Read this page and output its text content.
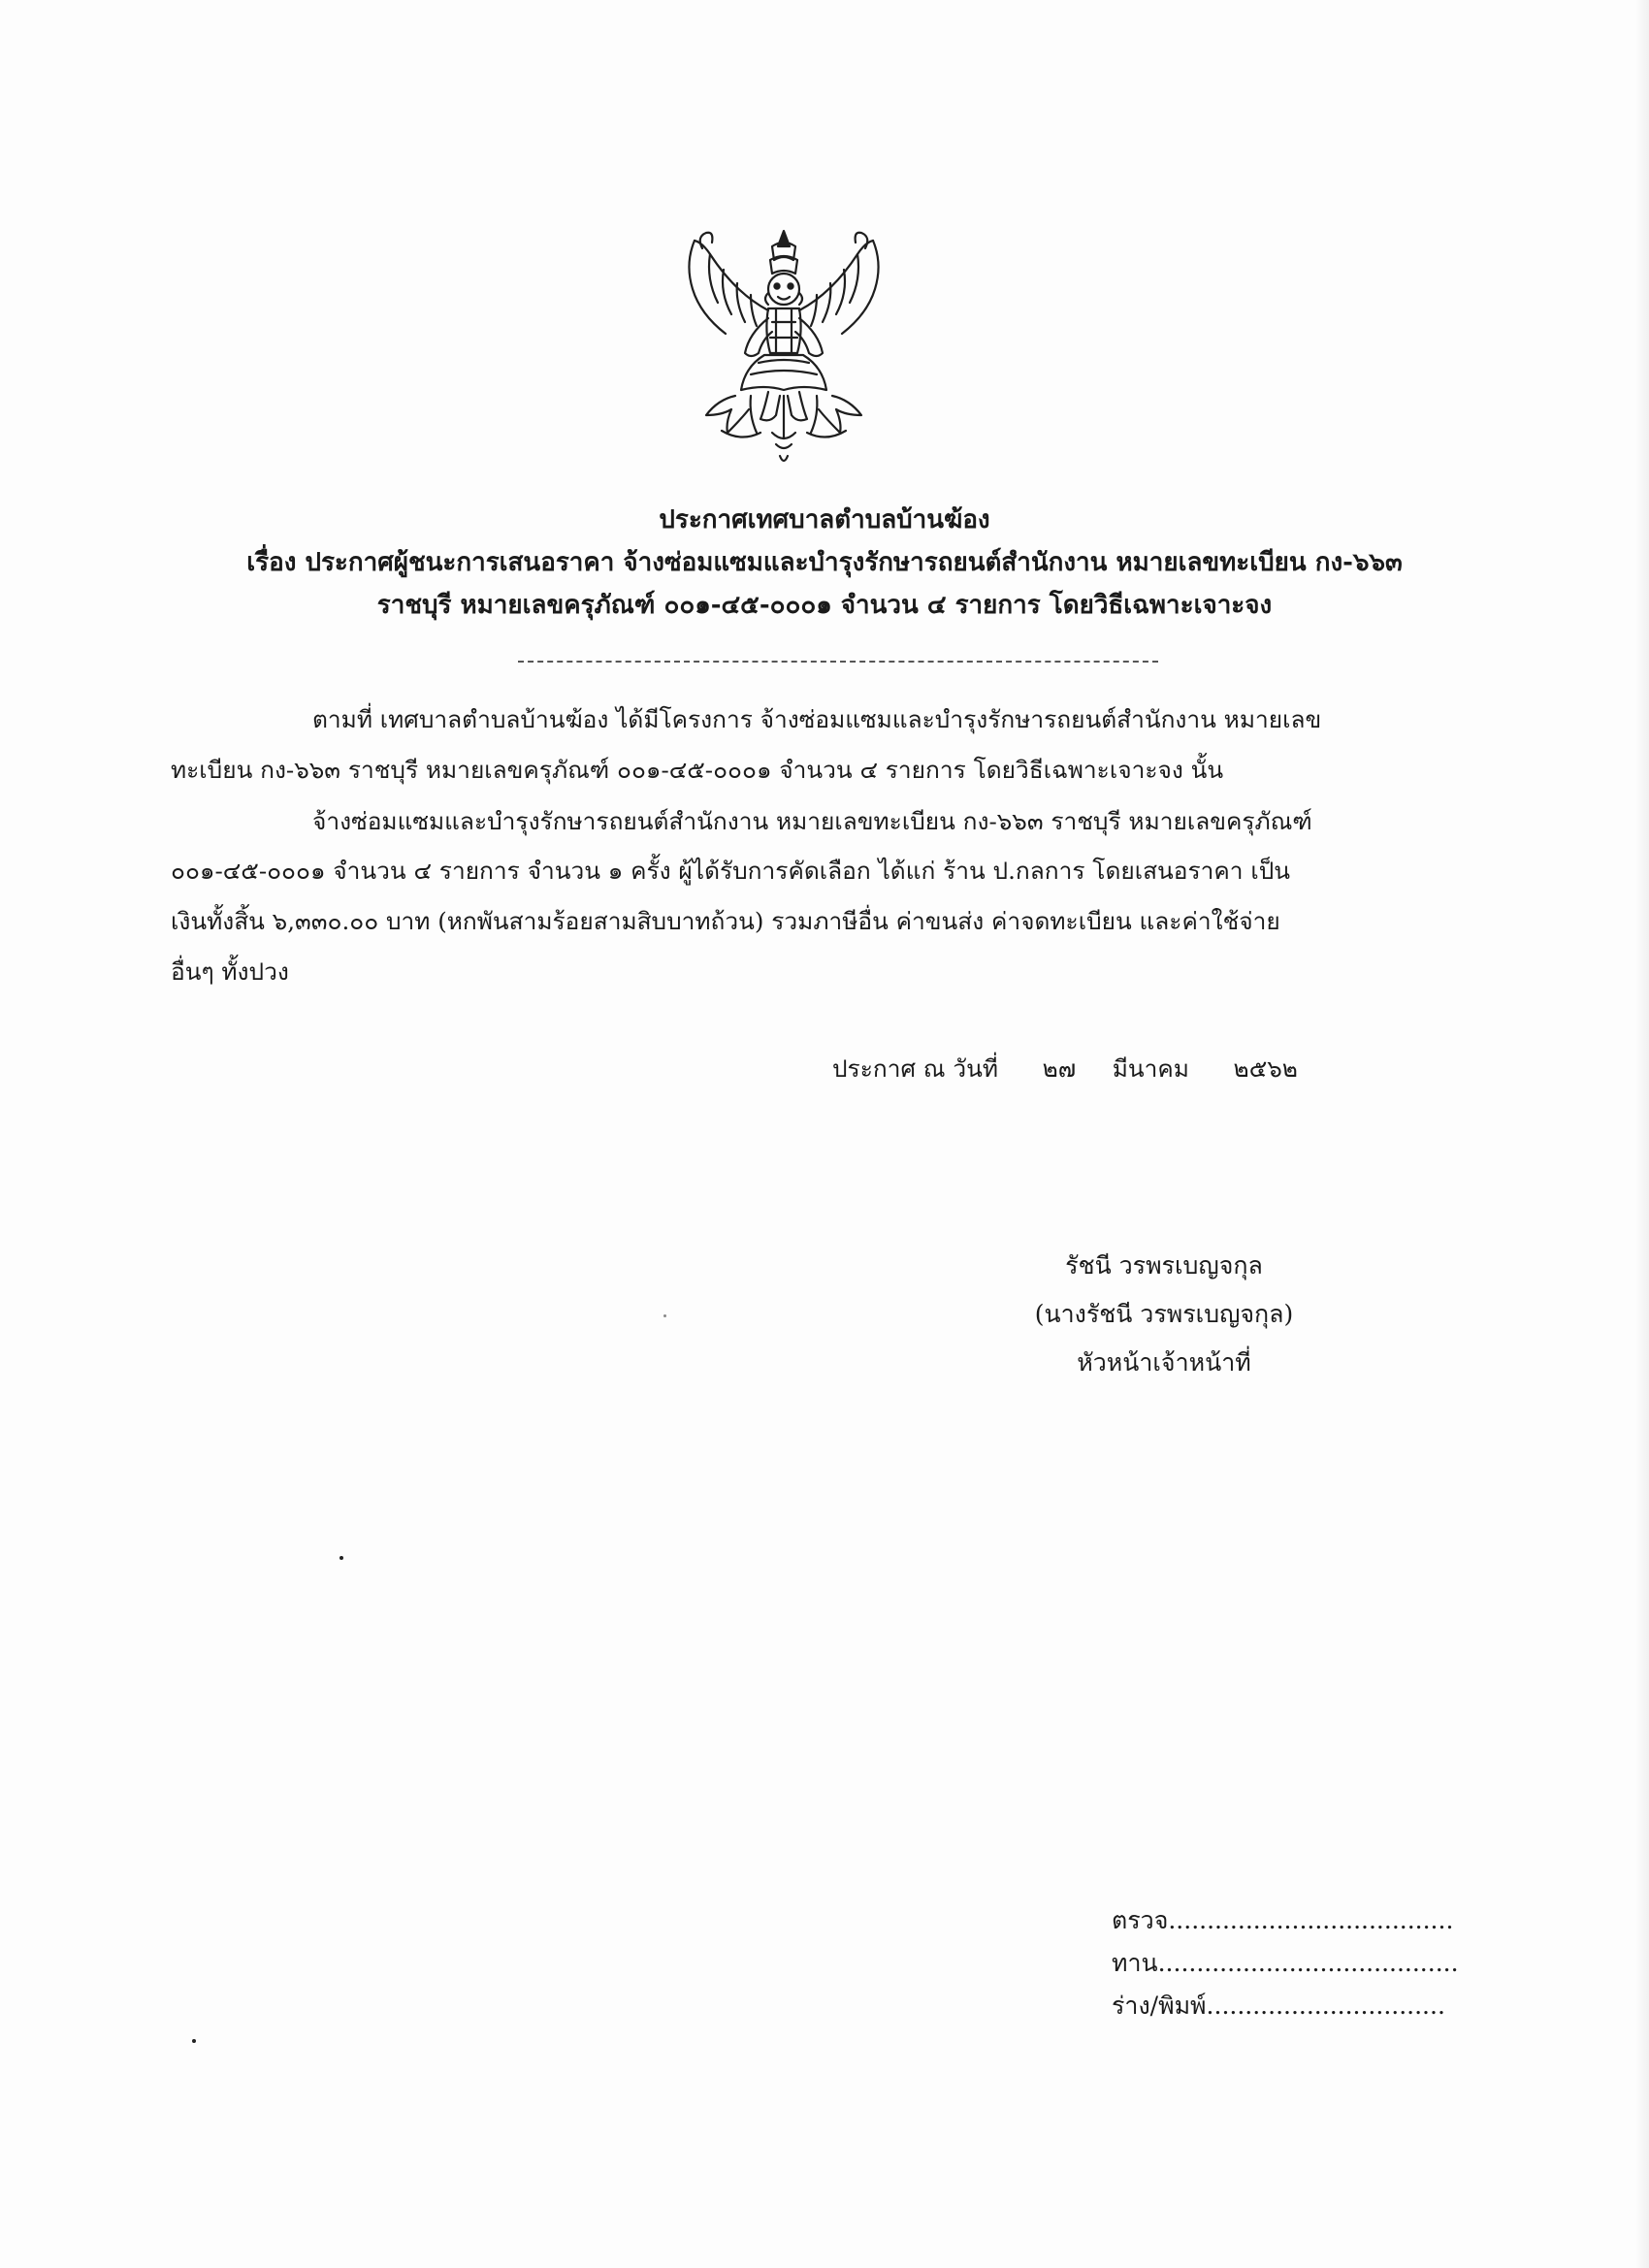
ประกาศเทศบาลตำบลบ้านฆ้อง
เรื่อง ประกาศผู้ชนะการเสนอราคา จ้างซ่อมแซมและบำรุงรักษารถยนต์สำนักงาน หมายเลขทะเบียน กง-๖๖๓
ราชบุรี หมายเลขครุภัณฑ์ ๐๐๑-๔๕-๐๐๐๑ จำนวน ๔ รายการ โดยวิธีเฉพาะเจาะจง
ตามที่ เทศบาลตำบลบ้านฆ้อง ได้มีโครงการ จ้างซ่อมแซมและบำรุงรักษารถยนต์สำนักงาน หมายเลข
ทะเบียน กง-๖๖๓ ราชบุรี หมายเลขครุภัณฑ์ ๐๐๑-๔๕-๐๐๐๑ จำนวน ๔ รายการ โดยวิธีเฉพาะเจาะจง นั้น
จ้างซ่อมแซมและบำรุงรักษารถยนต์สำนักงาน หมายเลขทะเบียน กง-๖๖๓ ราชบุรี หมายเลขครุภัณฑ์
๐๐๑-๔๕-๐๐๐๑ จำนวน ๔ รายการ จำนวน ๑ ครั้ง ผู้ได้รับการคัดเลือก ได้แก่ ร้าน ป.กลการ โดยเสนอราคา เป็น
เงินทั้งสิ้น ๖,๓๓๐.๐๐ บาท (หกพันสามร้อยสามสิบบาทถ้วน) รวมภาษีอื่น ค่าขนส่ง ค่าจดทะเบียน และค่าใช้จ่าย
อื่นๆ ทั้งปวง
ประกาศ ณ วันที่ ๒๗ มีนาคม ๒๕๖๒
รัชนี วรพรเบญจกุล
(นางรัชนี วรพรเบญจกุล)
หัวหน้าเจ้าหน้าที่
ตรวจ.....................................
ทาน.......................................
ร่าง/พิมพ์...............................
